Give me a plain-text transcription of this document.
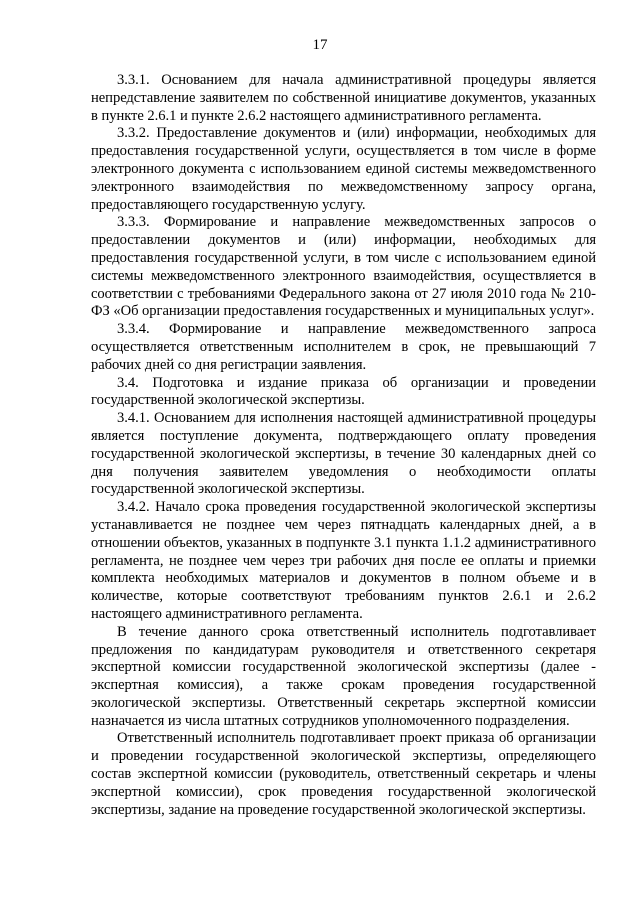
17

3.3.1. Основанием для начала административной процедуры является непредставление заявителем по собственной инициативе документов, указанных в пункте 2.6.1 и пункте 2.6.2 настоящего административного регламента.

3.3.2. Предоставление документов и (или) информации, необходимых для предоставления государственной услуги, осуществляется в том числе в форме электронного документа с использованием единой системы межведомственного электронного взаимодействия по межведомственному запросу органа, предоставляющего государственную услугу.

3.3.3. Формирование и направление межведомственных запросов о предоставлении документов и (или) информации, необходимых для предоставления государственной услуги, в том числе с использованием единой системы межведомственного электронного взаимодействия, осуществляется в соответствии с требованиями Федерального закона от 27 июля 2010 года № 210-ФЗ «Об организации предоставления государственных и муниципальных услуг».

3.3.4. Формирование и направление межведомственного запроса осуществляется ответственным исполнителем в срок, не превышающий 7 рабочих дней со дня регистрации заявления.

3.4. Подготовка и издание приказа об организации и проведении государственной экологической экспертизы.

3.4.1. Основанием для исполнения настоящей административной процедуры является поступление документа, подтверждающего оплату проведения государственной экологической экспертизы, в течение 30 календарных дней со дня получения заявителем уведомления о необходимости оплаты государственной экологической экспертизы.

3.4.2. Начало срока проведения государственной экологической экспертизы устанавливается не позднее чем через пятнадцать календарных дней, а в отношении объектов, указанных в подпункте 3.1 пункта 1.1.2 административного регламента, не позднее чем через три рабочих дня после ее оплаты и приемки комплекта необходимых материалов и документов в полном объеме и в количестве, которые соответствуют требованиям пунктов 2.6.1 и 2.6.2 настоящего административного регламента.

В течение данного срока ответственный исполнитель подготавливает предложения по кандидатурам руководителя и ответственного секретаря экспертной комиссии государственной экологической экспертизы (далее - экспертная комиссия), а также срокам проведения государственной экологической экспертизы. Ответственный секретарь экспертной комиссии назначается из числа штатных сотрудников уполномоченного подразделения.

Ответственный исполнитель подготавливает проект приказа об организации и проведении государственной экологической экспертизы, определяющего состав экспертной комиссии (руководитель, ответственный секретарь и члены экспертной комиссии), срок проведения государственной экологической экспертизы, задание на проведение государственной экологической экспертизы.
